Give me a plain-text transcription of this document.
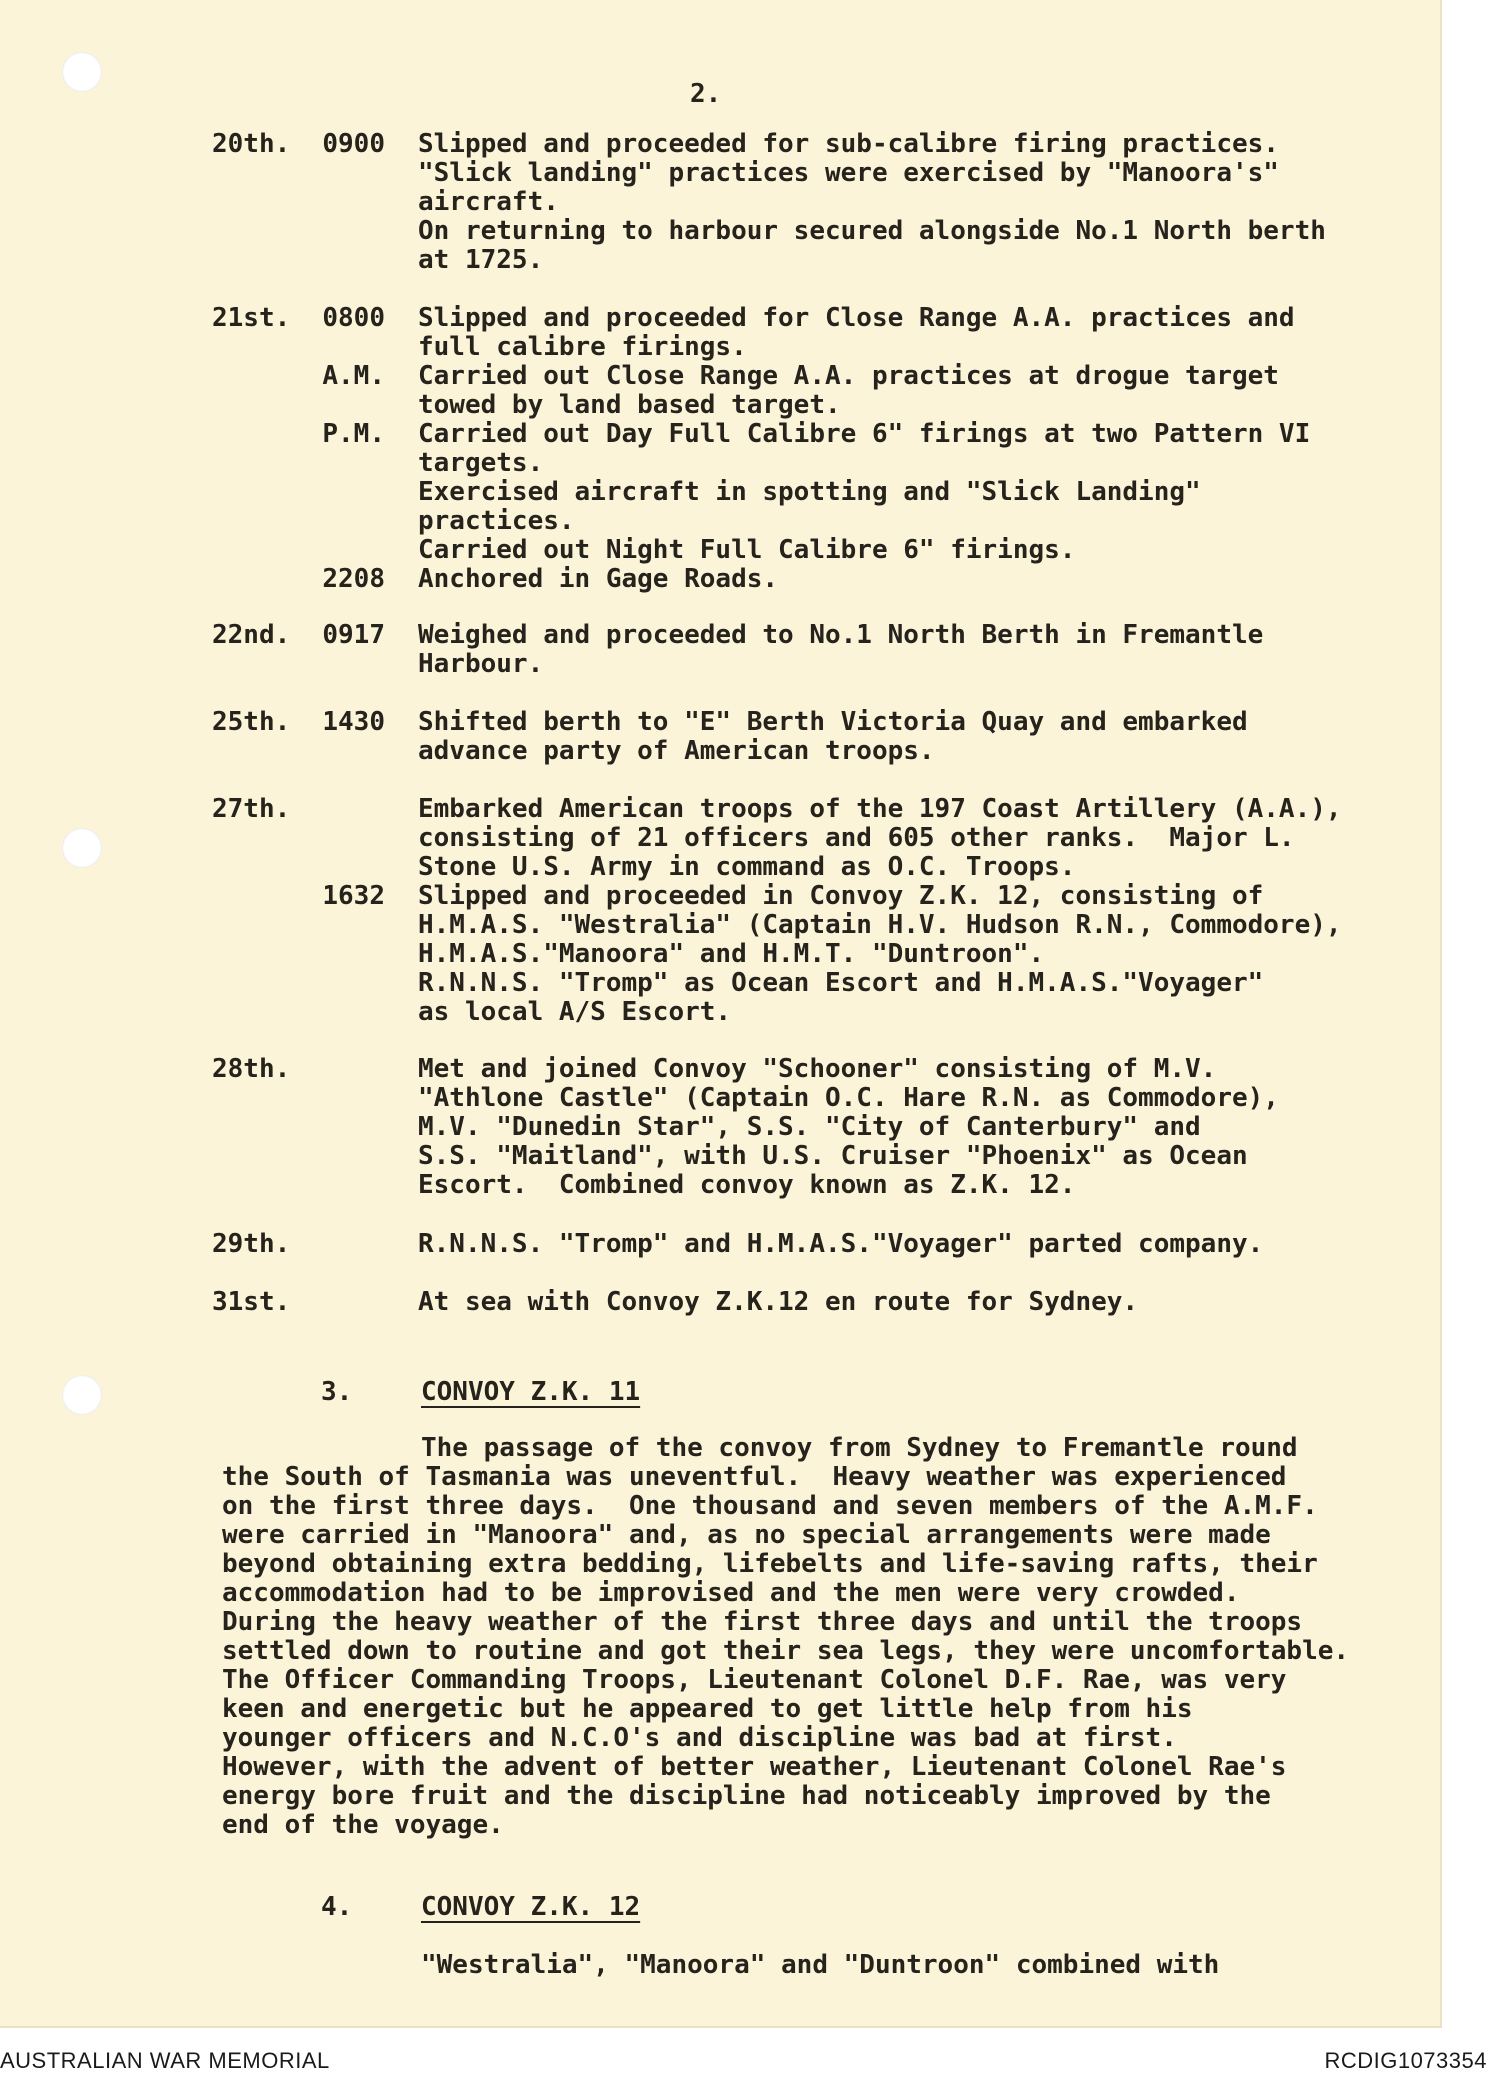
2.
20th.	0900 Slipped and proceeded for sub-calibre firing practices.
"Slick landing" practices were exercised by "Manoora's"
aircraft.
On returning to harbour secured alongside No.1 North berth
at 1725.
21st.	0800 Slipped and proceeded for Close Range A.A. practices and
full calibre firings.
A.M. Carried out Close Range A.A. practices at drogue target
towed by land based target.
P.M. Carried out Day Full Calibre 6" firings at two Pattern VI
targets.
Exercised aircraft in spotting and "Slick Landing"
practices.
Carried out Night Full Calibre 6" firings.
2208 Anchored in Gage Roads.
22nd.	0917 Weighed and proceeded to No.1 North Berth in Fremantle
Harbour.
25th.	1430 Shifted berth to "E" Berth Victoria Quay and embarked
advance party of American troops.
27th.	Embarked American troops of the 197 Coast Artillery (A.A.),
consisting of 21 officers and 605 other ranks.  Major L.
Stone U.S. Army in command as O.C. Troops.
1632 Slipped and proceeded in Convoy Z.K. 12, consisting of
H.M.A.S. "Westralia" (Captain H.V. Hudson R.N., Commodore),
H.M.A.S."Manoora" and H.M.T. "Duntroon".
R.N.N.S. "Tromp" as Ocean Escort and H.M.A.S."Voyager"
as local A/S Escort.
28th.	Met and joined Convoy "Schooner" consisting of M.V.
"Athlone Castle" (Captain O.C. Hare R.N. as Commodore),
M.V. "Dunedin Star", S.S. "City of Canterbury" and
S.S. "Maitland", with U.S. Cruiser "Phoenix" as Ocean
Escort.  Combined convoy known as Z.K. 12.
29th.	R.N.N.S. "Tromp" and H.M.A.S."Voyager" parted company.
31st.	At sea with Convoy Z.K.12 en route for Sydney.
3.	CONVOY Z.K. 11
The passage of the convoy from Sydney to Fremantle round
the South of Tasmania was uneventful.  Heavy weather was experienced
on the first three days.  One thousand and seven members of the A.M.F.
were carried in "Manoora" and, as no special arrangements were made
beyond obtaining extra bedding, lifebelts and life-saving rafts, their
accommodation had to be improvised and the men were very crowded.
During the heavy weather of the first three days and until the troops
settled down to routine and got their sea legs, they were uncomfortable.
The Officer Commanding Troops, Lieutenant Colonel D.F. Rae, was very
keen and energetic but he appeared to get little help from his
younger officers and N.C.O's and discipline was bad at first.
However, with the advent of better weather, Lieutenant Colonel Rae's
energy bore fruit and the discipline had noticeably improved by the
end of the voyage.
4.	CONVOY Z.K. 12
"Westralia", "Manoora" and "Duntroon" combined with
AUSTRALIAN WAR MEMORIAL	RCDIG1073354
